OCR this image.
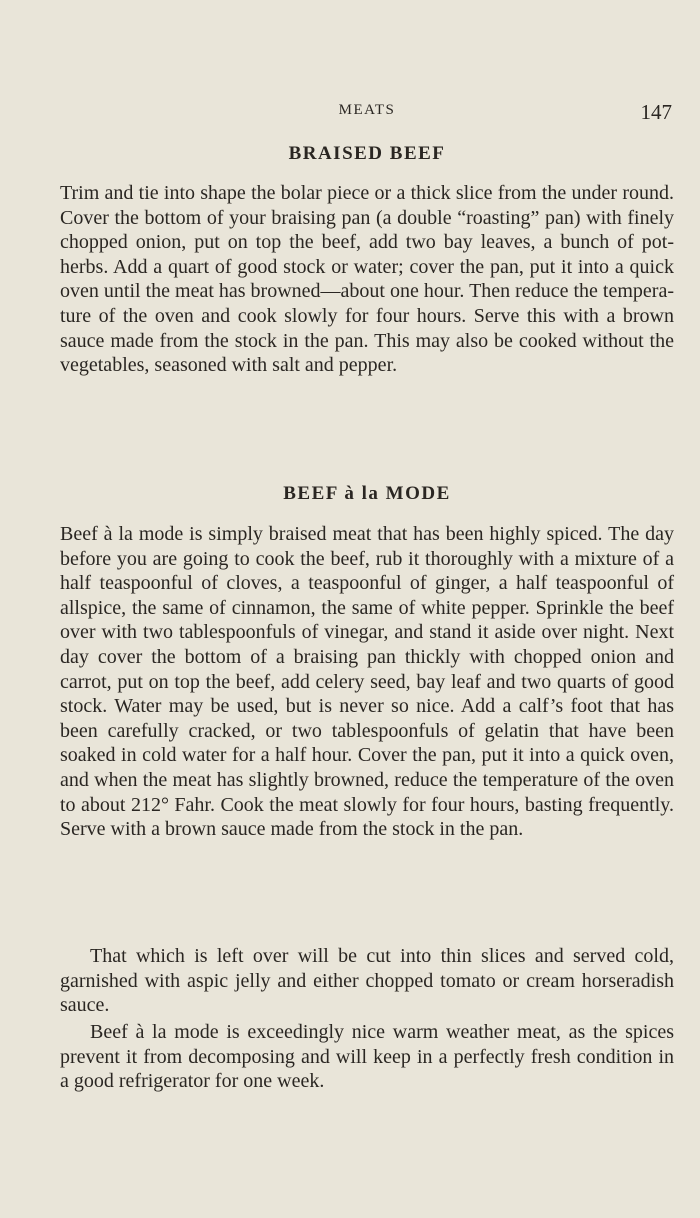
MEATS	147
BRAISED BEEF

Trim and tie into shape the bolar piece or a thick slice from the under round. Cover the bottom of your braising pan (a double “roasting” pan) with finely chopped onion, put on top the beef, add two bay leaves, a bunch of pot-herbs. Add a quart of good stock or water; cover the pan, put it into a quick oven until the meat has browned—about one hour. Then reduce the temperature of the oven and cook slowly for four hours. Serve this with a brown sauce made from the stock in the pan. This may also be cooked without the vegetables, seasoned with salt and pepper.

BEEF à la MODE

Beef à la mode is simply braised meat that has been highly spiced. The day before you are going to cook the beef, rub it thoroughly with a mixture of a half teaspoonful of cloves, a teaspoonful of ginger, a half teaspoonful of allspice, the same of cinnamon, the same of white pepper. Sprinkle the beef over with two tablespoonfuls of vinegar, and stand it aside over night. Next day cover the bottom of a braising pan thickly with chopped onion and carrot, put on top the beef, add celery seed, bay leaf and two quarts of good stock. Water may be used, but is never so nice. Add a calf’s foot that has been carefully cracked, or two tablespoonfuls of gelatin that have been soaked in cold water for a half hour. Cover the pan, put it into a quick oven, and when the meat has slightly browned, reduce the temperature of the oven to about 212° Fahr. Cook the meat slowly for four hours, basting frequently. Serve with a brown sauce made from the stock in the pan.

That which is left over will be cut into thin slices and served cold, garnished with aspic jelly and either chopped tomato or cream horseradish sauce.

Beef à la mode is exceedingly nice warm weather meat, as the spices prevent it from decomposing and will keep in a perfectly fresh condition in a good refrigerator for one week.
